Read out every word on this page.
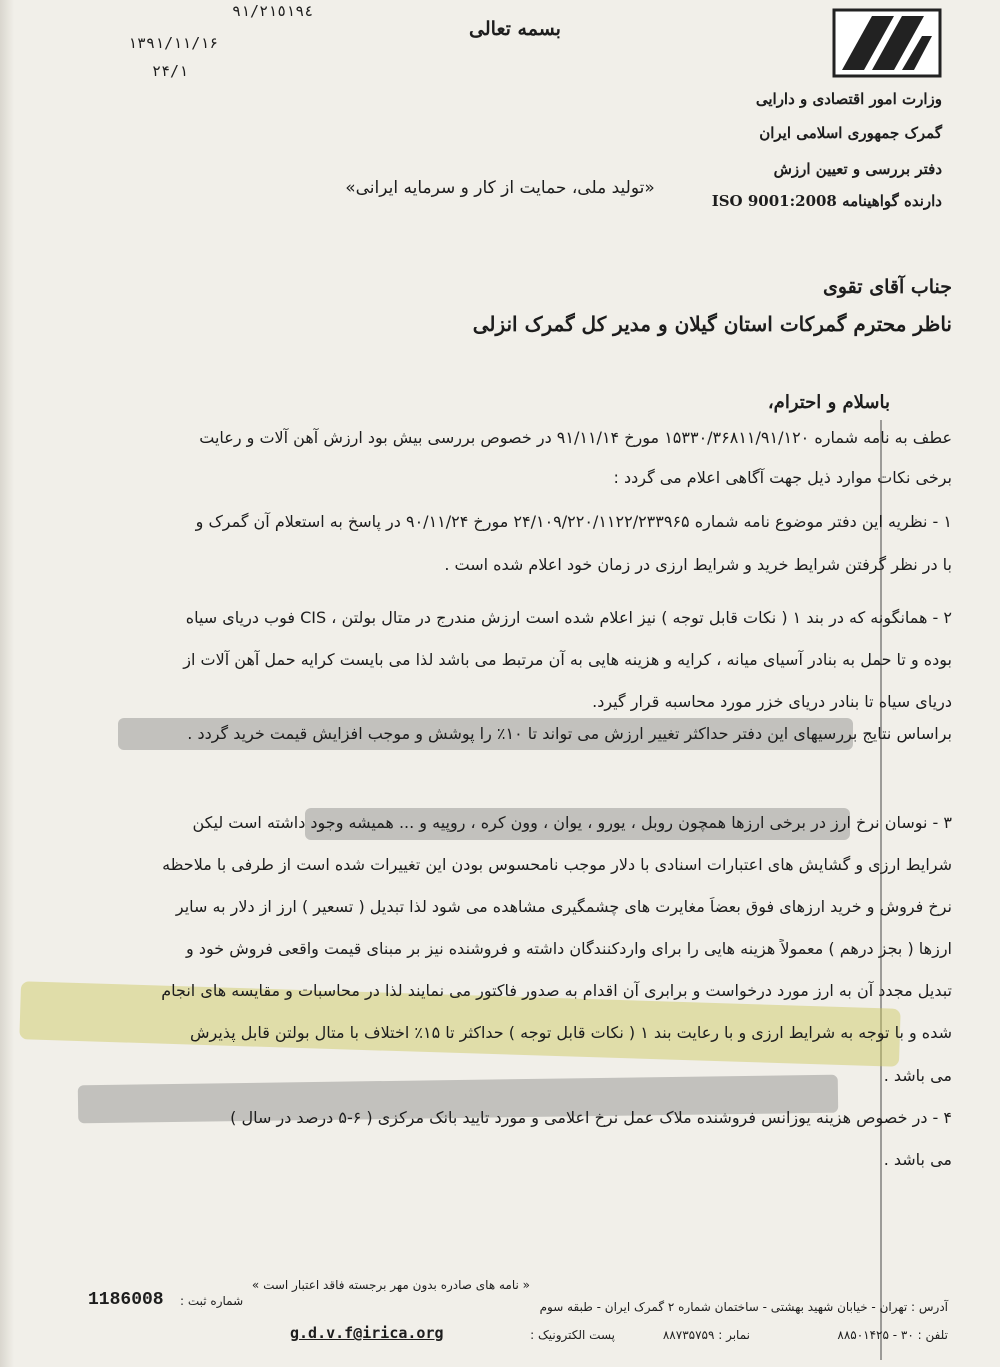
وزارت امور اقتصادی و دارایی
گمرک جمهوری اسلامی ایران
دفتر بررسی و تعیین ارزش
دارنده گواهینامه ISO 9001:2008
بسمه تعالی
«تولید ملی، حمایت از کار و سرمایه ایرانی»
٩١/٢١٥١٩٤
۱۳۹۱/۱۱/۱۶
۲۴/۱
جناب آقای تقوی
ناظر محترم گمرکات استان گیلان و مدیر کل گمرک انزلی
باسلام و احترام،
عطف به نامه شماره ۱۵۳۳۰/۳۶۸۱۱/۹۱/۱۲۰ مورخ ۹۱/۱۱/۱۴ در خصوص بررسی بیش بود ارزش آهن آلات و رعایت
برخی نکات موارد ذیل جهت آگاهی اعلام می گردد :
۱ - نظریه این دفتر موضوع نامه شماره ۲۴/۱۰۹/۲۲۰/۱۱۲۲/۲۳۳۹۶۵ مورخ ۹۰/۱۱/۲۴ در پاسخ به استعلام آن گمرک و
با در نظر گرفتن شرایط خرید و شرایط ارزی در زمان خود اعلام شده است .
۲ - همانگونه که در بند ۱ ( نکات قابل توجه ) نیز اعلام شده است ارزش مندرج در متال بولتن ، CIS فوب دریای سیاه
بوده و تا حمل به بنادر آسیای میانه ، کرایه و هزینه هایی به آن مرتبط می باشد لذا می بایست کرایه حمل آهن آلات از
دریای سیاه تا بنادر دریای خزر مورد محاسبه قرار گیرد.
براساس نتایج بررسیهای این دفتر حداکثر تغییر ارزش می تواند تا ۱۰٪ را پوشش و موجب افزایش قیمت خرید گردد .
۳ - نوسان نرخ ارز در برخی ارزها همچون روبل ، یورو ، یوان ، وون کره ، روپیه و ... همیشه وجود داشته است لیکن
شرایط ارزی و گشایش های اعتبارات اسنادی با دلار موجب نامحسوس بودن این تغییرات شده است از طرفی با ملاحظه
نرخ فروش و خرید ارزهای فوق بعضاً مغایرت های چشمگیری مشاهده می شود لذا تبدیل ( تسعیر ) ارز از دلار به سایر
ارزها ( بجز درهم ) معمولاً هزینه هایی را برای واردکنندگان داشته و فروشنده نیز بر مبنای قیمت واقعی فروش خود و
تبدیل مجدد آن به ارز مورد درخواست و برابری آن اقدام به صدور فاکتور می نمایند لذا در محاسبات و مقایسه های انجام
شده و با توجه به شرایط ارزی و با رعایت بند ۱ ( نکات قابل توجه ) حداکثر تا ۱۵٪ اختلاف با متال بولتن قابل پذیرش
می باشد .
۴ - در خصوص هزینه یوزانس فروشنده ملاک عمل نرخ اعلامی و مورد تایید بانک مرکزی ( ۶-۵ درصد در سال )
می باشد .
« نامه های صادره بدون مهر برجسته فاقد اعتبار است »
آدرس : تهران - خیابان شهید بهشتی - ساختمان شماره ۲ گمرک ایران - طبقه سوم
تلفن : ۳۰ - ۸۸۵۰۱۴۲۵
نمابر : ۸۸۷۳۵۷۵۹
پست الکترونیک :
g.d.v.f@irica.org
شماره ثبت :
1186008
